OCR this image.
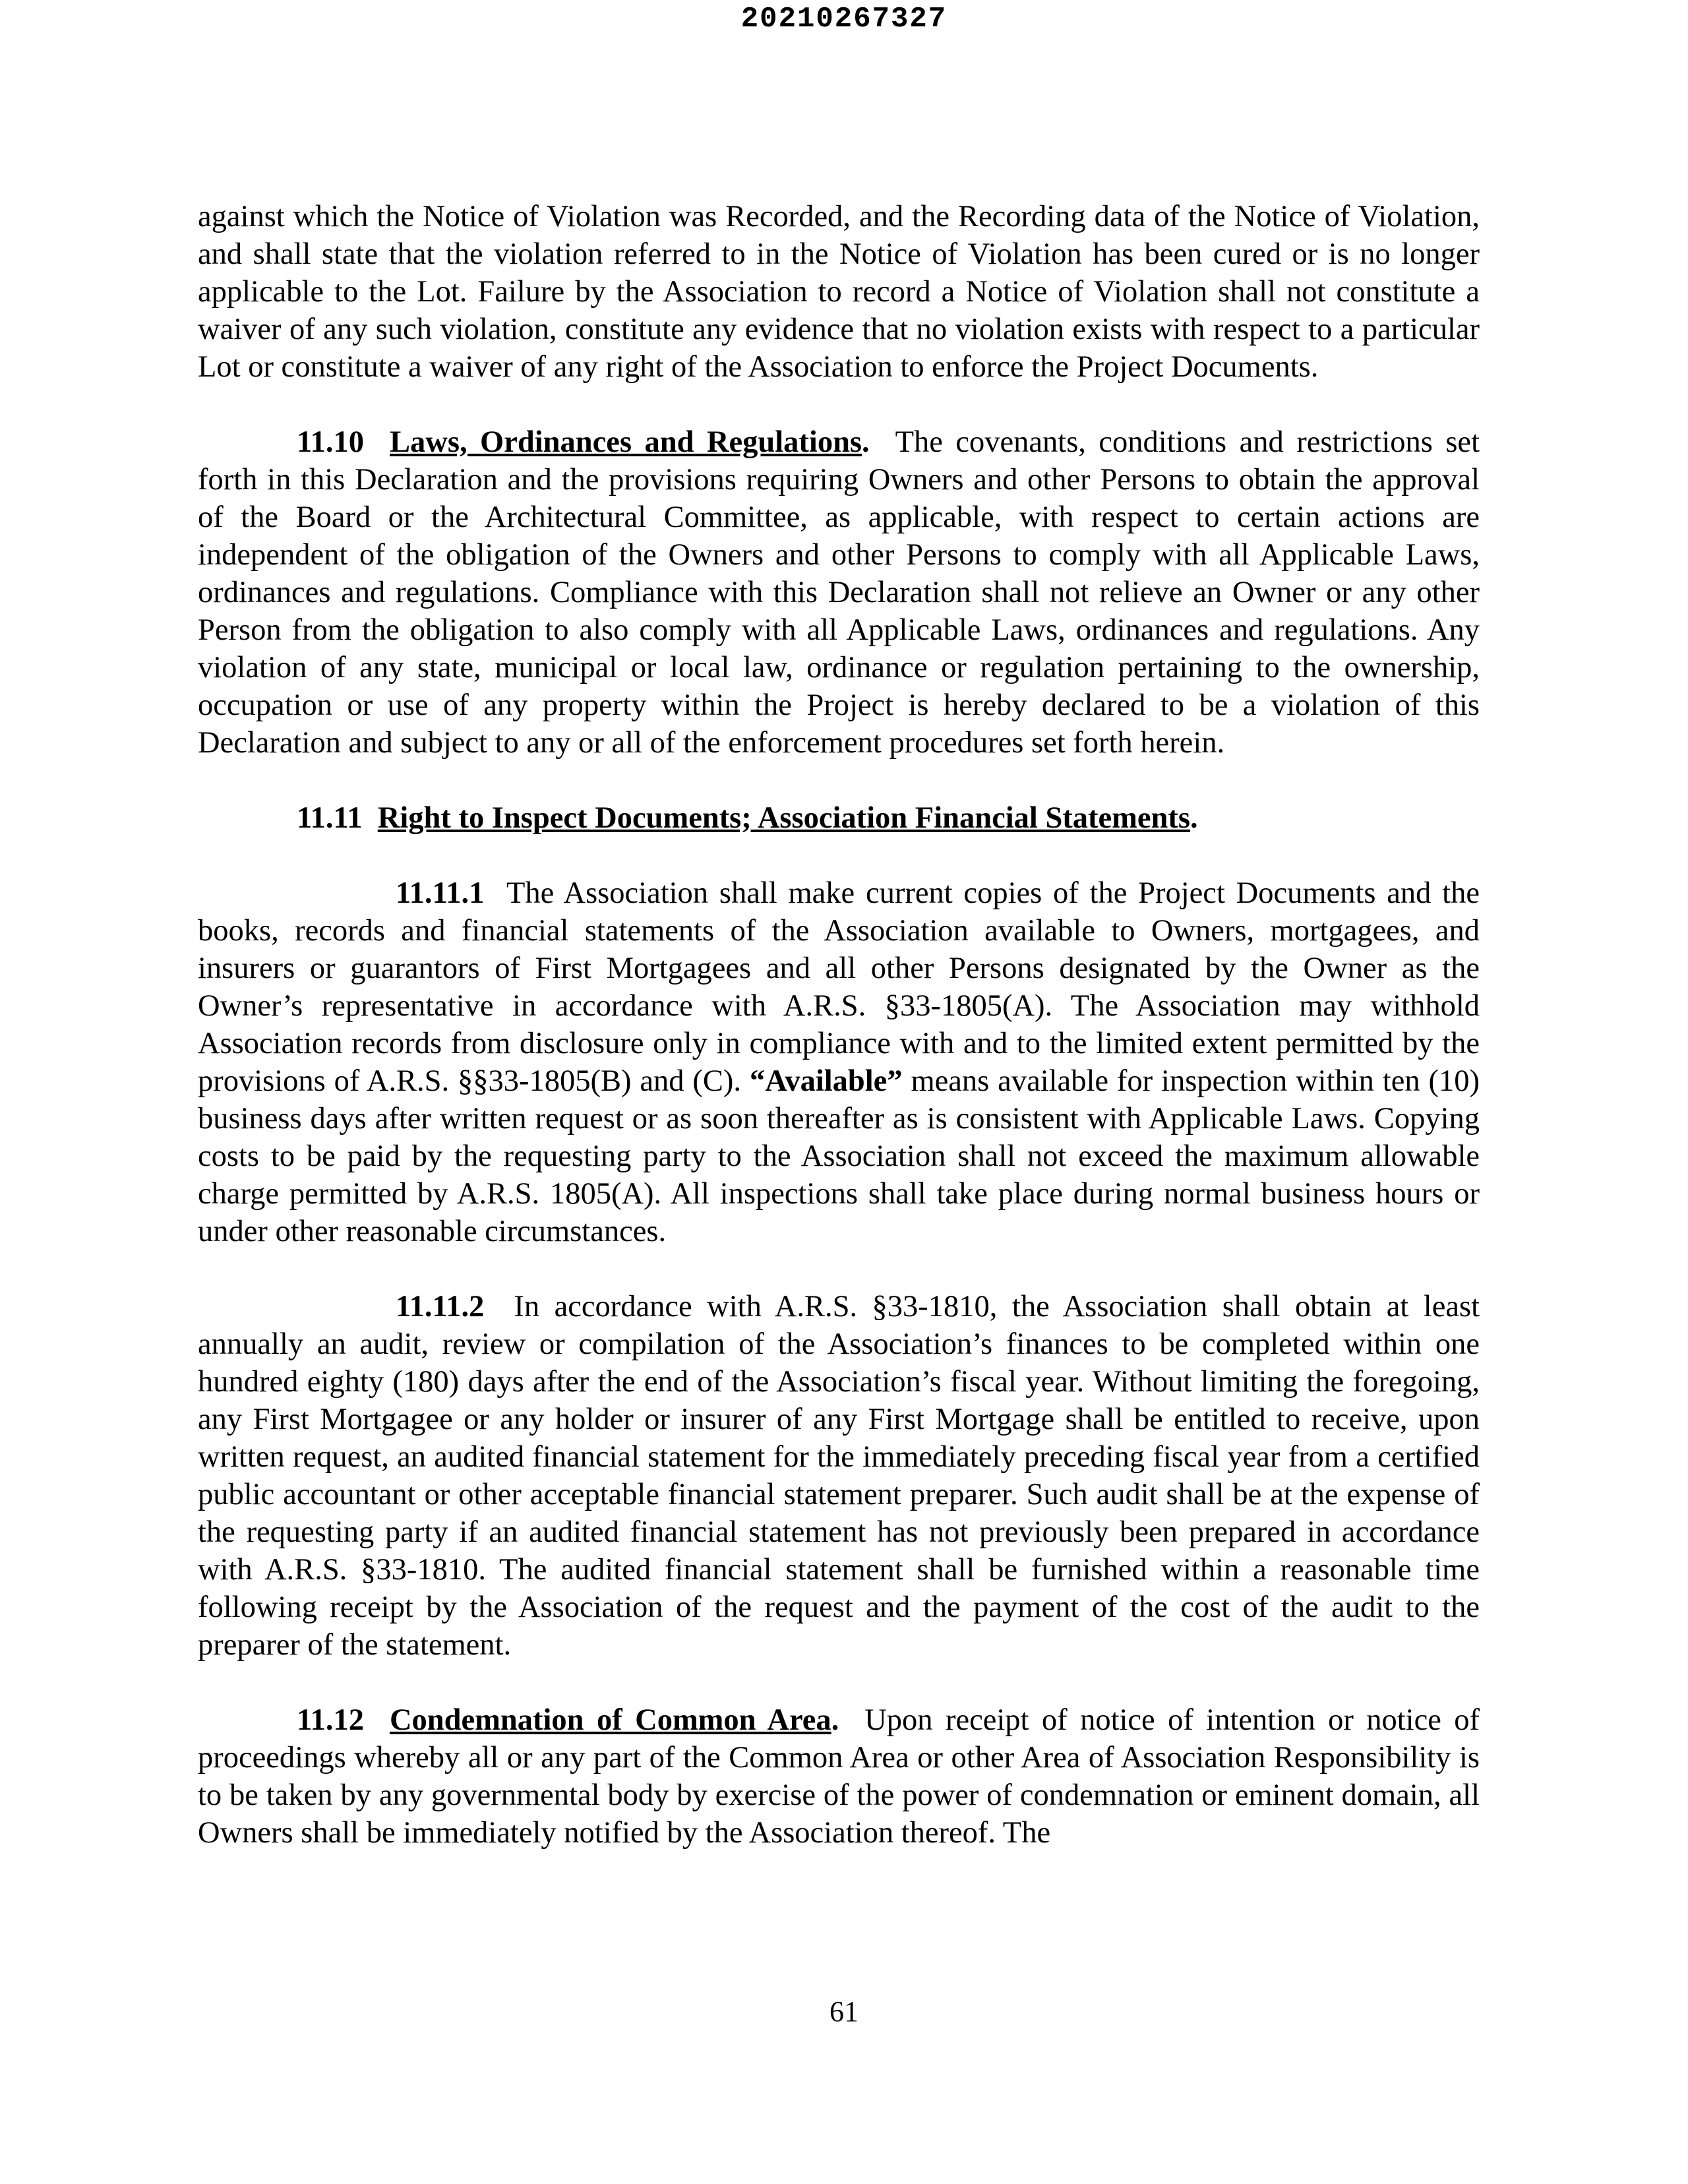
20210267327

against which the Notice of Violation was Recorded, and the Recording data of the Notice of Violation, and shall state that the violation referred to in the Notice of Violation has been cured or is no longer applicable to the Lot. Failure by the Association to record a Notice of Violation shall not constitute a waiver of any such violation, constitute any evidence that no violation exists with respect to a particular Lot or constitute a waiver of any right of the Association to enforce the Project Documents.

11.10 Laws, Ordinances and Regulations. The covenants, conditions and restrictions set forth in this Declaration and the provisions requiring Owners and other Persons to obtain the approval of the Board or the Architectural Committee, as applicable, with respect to certain actions are independent of the obligation of the Owners and other Persons to comply with all Applicable Laws, ordinances and regulations. Compliance with this Declaration shall not relieve an Owner or any other Person from the obligation to also comply with all Applicable Laws, ordinances and regulations. Any violation of any state, municipal or local law, ordinance or regulation pertaining to the ownership, occupation or use of any property within the Project is hereby declared to be a violation of this Declaration and subject to any or all of the enforcement procedures set forth herein.

11.11 Right to Inspect Documents; Association Financial Statements.

11.11.1 The Association shall make current copies of the Project Documents and the books, records and financial statements of the Association available to Owners, mortgagees, and insurers or guarantors of First Mortgagees and all other Persons designated by the Owner as the Owner’s representative in accordance with A.R.S. §33-1805(A). The Association may withhold Association records from disclosure only in compliance with and to the limited extent permitted by the provisions of A.R.S. §§33-1805(B) and (C). “Available” means available for inspection within ten (10) business days after written request or as soon thereafter as is consistent with Applicable Laws. Copying costs to be paid by the requesting party to the Association shall not exceed the maximum allowable charge permitted by A.R.S. 1805(A). All inspections shall take place during normal business hours or under other reasonable circumstances.

11.11.2 In accordance with A.R.S. §33-1810, the Association shall obtain at least annually an audit, review or compilation of the Association’s finances to be completed within one hundred eighty (180) days after the end of the Association’s fiscal year. Without limiting the foregoing, any First Mortgagee or any holder or insurer of any First Mortgage shall be entitled to receive, upon written request, an audited financial statement for the immediately preceding fiscal year from a certified public accountant or other acceptable financial statement preparer. Such audit shall be at the expense of the requesting party if an audited financial statement has not previously been prepared in accordance with A.R.S. §33-1810. The audited financial statement shall be furnished within a reasonable time following receipt by the Association of the request and the payment of the cost of the audit to the preparer of the statement.

11.12 Condemnation of Common Area. Upon receipt of notice of intention or notice of proceedings whereby all or any part of the Common Area or other Area of Association Responsibility is to be taken by any governmental body by exercise of the power of condemnation or eminent domain, all Owners shall be immediately notified by the Association thereof. The

61
